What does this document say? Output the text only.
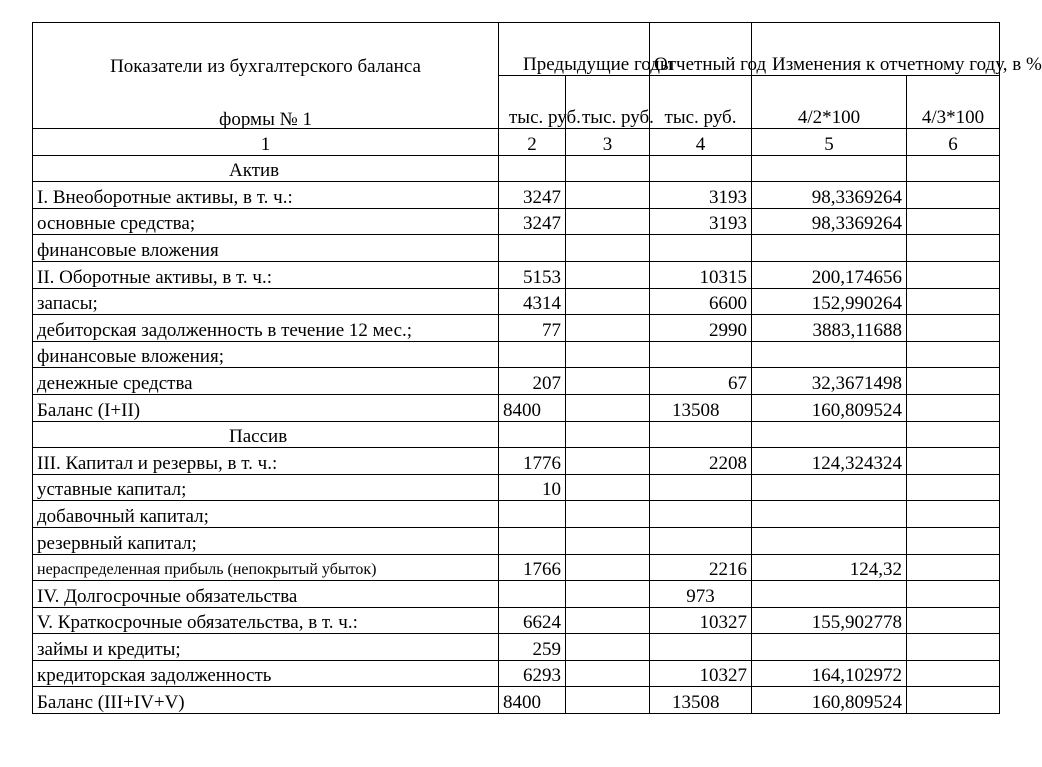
Показатели из бухгалтерского баланса
формы № 1	Предыдущие годы		Отчетный год	Изменения к отчетному году, в %	
	тыс. руб.	тыс. руб.	тыс. руб.	4/2*100	4/3*100
1	2	3	4	5	6
Актив					
I. Внеоборотные активы, в т. ч.:	3247		3193	98,3369264	
основные средства;	3247		3193	98,3369264	
финансовые вложения					
II. Оборотные активы, в т. ч.:	5153		10315	200,174656	
запасы;	4314		6600	152,990264	
дебиторская задолженность в течение 12 мес.;	77		2990	3883,11688	
финансовые вложения;					
денежные средства	207		67	32,3671498	
Баланс (I+II)	8400		13508	160,809524	
Пассив					
III. Капитал и резервы, в т. ч.:	1776		2208	124,324324	
уставные капитал;	10				
добавочный капитал;					
резервный капитал;					
нераспределенная прибыль (непокрытый убыток)	1766		2216	124,32	
IV. Долгосрочные обязательства			973		
V. Краткосрочные обязательства, в т. ч.:	6624		10327	155,902778	
займы и кредиты;	259				
кредиторская задолженность	6293		10327	164,102972	
Баланс (III+IV+V)	8400		13508	160,809524	
